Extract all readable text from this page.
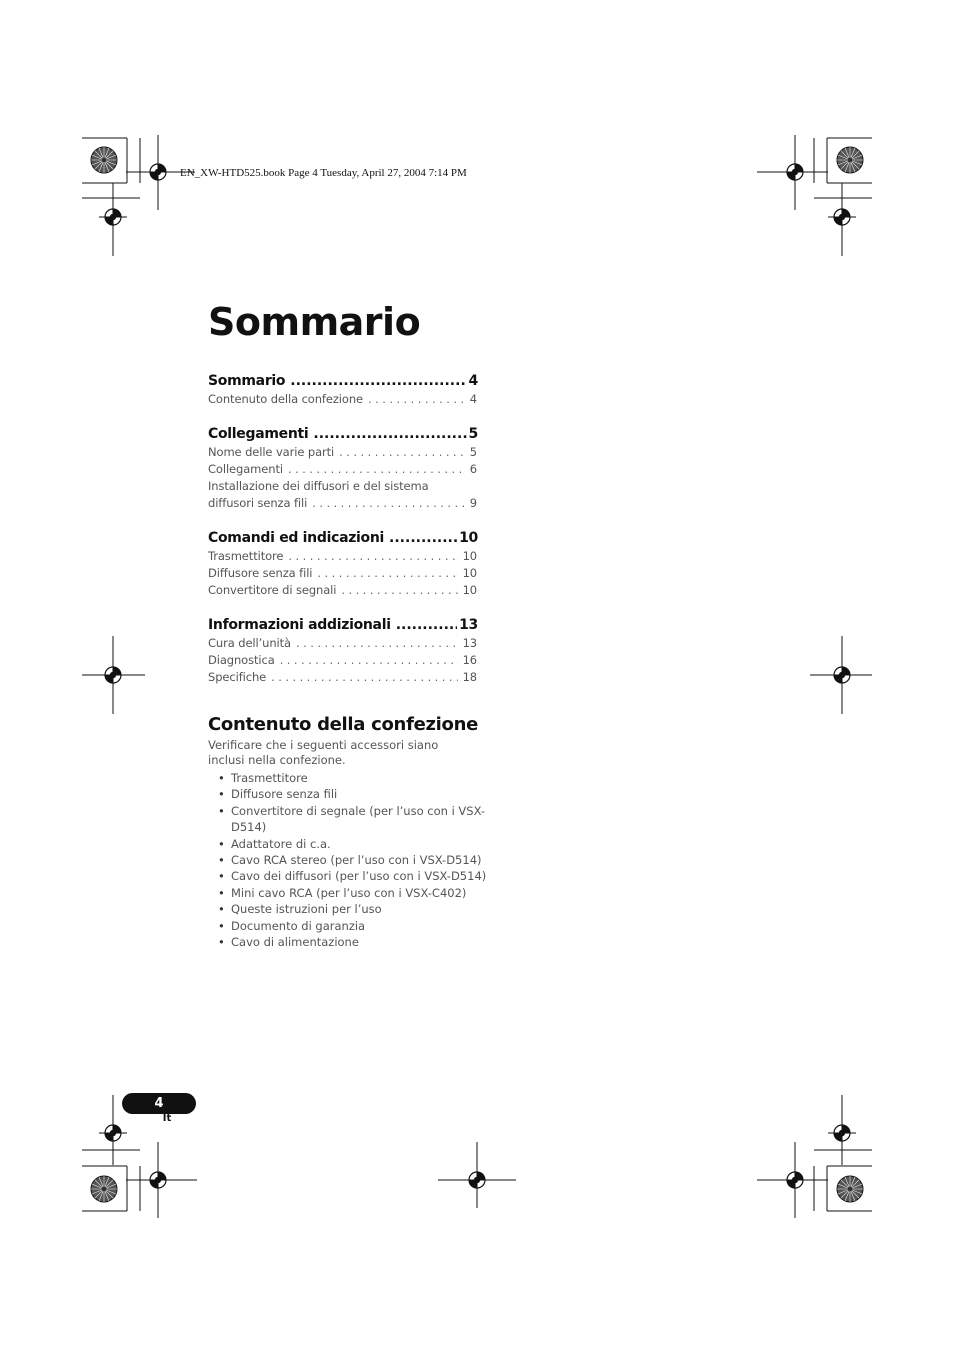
EN_XW-HTD525.book Page 4 Tuesday, April 27, 2004 7:14 PM
Sommario
Sommario .....	4
Contenuto della confezione . . .	4
Collegamenti .....	5
Nome delle varie parti . . .	5
Collegamenti . . .	6
Installazione dei diffusori e del sistema
diffusori senza fili . . .	9
Comandi ed indicazioni .....	10
Trasmettitore . . .	10
Diffusore senza fili . . .	10
Convertitore di segnali . . .	10
Informazioni addizionali .....	13
Cura dell’unità . . .	13
Diagnostica . . .	16
Specifiche . . .	18
Contenuto della confezione
Verificare che i seguenti accessori siano inclusi nella confezione.
• Trasmettitore
• Diffusore senza fili
• Convertitore di segnale (per l’uso con i VSX-D514)
• Adattatore di c.a.
• Cavo RCA stereo (per l’uso con i VSX-D514)
• Cavo dei diffusori (per l’uso con i VSX-D514)
• Mini cavo RCA (per l’uso con i VSX-C402)
• Queste istruzioni per l’uso
• Documento di garanzia
• Cavo di alimentazione
4
It
